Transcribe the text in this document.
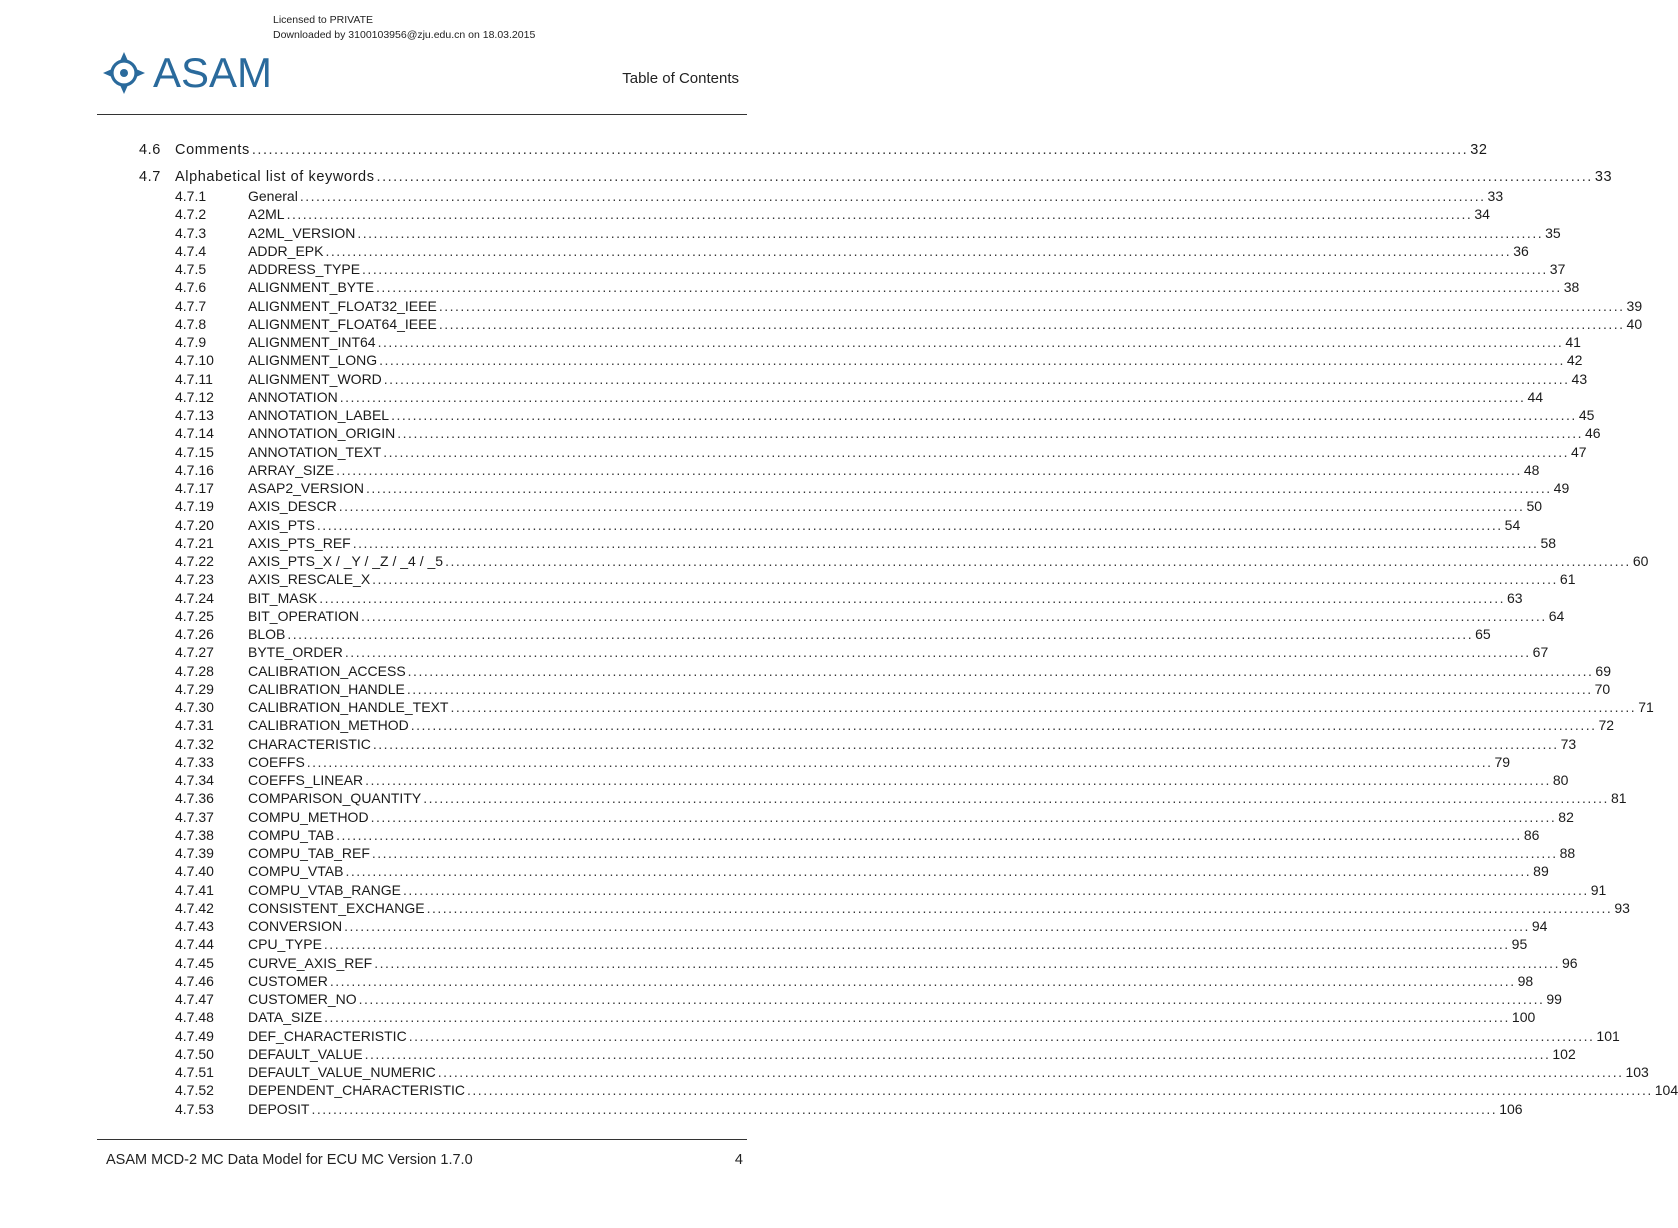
Licensed to PRIVATE
Downloaded by 3100103956@zju.edu.cn on 18.03.2015
ASAM	Table of Contents
4.6 Comments ............................................................................................................................................................................................................................ 32
4.7 Alphabetical list of keywords ............................................................................................................................................................................................................................ 33
4.7.1	General ............................................................................................................................................................................................................................ 33
4.7.2	A2ML ............................................................................................................................................................................................................................ 34
4.7.3	A2ML_VERSION ............................................................................................................................................................................................................................ 35
4.7.4	ADDR_EPK ............................................................................................................................................................................................................................ 36
4.7.5	ADDRESS_TYPE ............................................................................................................................................................................................................................ 37
4.7.6	ALIGNMENT_BYTE ............................................................................................................................................................................................................................ 38
4.7.7	ALIGNMENT_FLOAT32_IEEE ............................................................................................................................................................................................................................ 39
4.7.8	ALIGNMENT_FLOAT64_IEEE ............................................................................................................................................................................................................................ 40
4.7.9	ALIGNMENT_INT64 ............................................................................................................................................................................................................................ 41
4.7.10 ALIGNMENT_LONG ............................................................................................................................................................................................................................ 42
4.7.11	ALIGNMENT_WORD ............................................................................................................................................................................................................................ 43
4.7.12 ANNOTATION ............................................................................................................................................................................................................................ 44
4.7.13 ANNOTATION_LABEL ............................................................................................................................................................................................................................ 45
4.7.14 ANNOTATION_ORIGIN ............................................................................................................................................................................................................................ 46
4.7.15 ANNOTATION_TEXT ............................................................................................................................................................................................................................ 47
4.7.16 ARRAY_SIZE ............................................................................................................................................................................................................................ 48
4.7.17 ASAP2_VERSION ............................................................................................................................................................................................................................ 49
4.7.19 AXIS_DESCR ............................................................................................................................................................................................................................ 50
4.7.20 AXIS_PTS ............................................................................................................................................................................................................................ 54
4.7.21 AXIS_PTS_REF ............................................................................................................................................................................................................................ 58
4.7.22 AXIS_PTS_X / _Y / _Z / _4 / _5 ............................................................................................................................................................................................................................ 60
4.7.23 AXIS_RESCALE_X ............................................................................................................................................................................................................................ 61
4.7.24 BIT_MASK ............................................................................................................................................................................................................................ 63
4.7.25 BIT_OPERATION ............................................................................................................................................................................................................................ 64
4.7.26 BLOB ............................................................................................................................................................................................................................ 65
4.7.27 BYTE_ORDER ............................................................................................................................................................................................................................ 67
4.7.28 CALIBRATION_ACCESS ............................................................................................................................................................................................................................ 69
4.7.29 CALIBRATION_HANDLE ............................................................................................................................................................................................................................ 70
4.7.30 CALIBRATION_HANDLE_TEXT ............................................................................................................................................................................................................................ 71
4.7.31 CALIBRATION_METHOD ............................................................................................................................................................................................................................ 72
4.7.32 CHARACTERISTIC ............................................................................................................................................................................................................................ 73
4.7.33 COEFFS ............................................................................................................................................................................................................................ 79
4.7.34 COEFFS_LINEAR ............................................................................................................................................................................................................................ 80
4.7.36 COMPARISON_QUANTITY ............................................................................................................................................................................................................................ 81
4.7.37 COMPU_METHOD ............................................................................................................................................................................................................................ 82
4.7.38 COMPU_TAB ............................................................................................................................................................................................................................ 86
4.7.39 COMPU_TAB_REF ............................................................................................................................................................................................................................ 88
4.7.40 COMPU_VTAB ............................................................................................................................................................................................................................ 89
4.7.41 COMPU_VTAB_RANGE ............................................................................................................................................................................................................................ 91
4.7.42 CONSISTENT_EXCHANGE ............................................................................................................................................................................................................................ 93
4.7.43 CONVERSION ............................................................................................................................................................................................................................ 94
4.7.44 CPU_TYPE ............................................................................................................................................................................................................................ 95
4.7.45 CURVE_AXIS_REF ............................................................................................................................................................................................................................ 96
4.7.46 CUSTOMER ............................................................................................................................................................................................................................ 98
4.7.47 CUSTOMER_NO ............................................................................................................................................................................................................................ 99
4.7.48 DATA_SIZE ............................................................................................................................................................................................................................ 100
4.7.49 DEF_CHARACTERISTIC ............................................................................................................................................................................................................................ 101
4.7.50 DEFAULT_VALUE ............................................................................................................................................................................................................................ 102
4.7.51 DEFAULT_VALUE_NUMERIC ............................................................................................................................................................................................................................ 103
4.7.52 DEPENDENT_CHARACTERISTIC ............................................................................................................................................................................................................................ 104
4.7.53 DEPOSIT ............................................................................................................................................................................................................................ 106
ASAM MCD-2 MC Data Model for ECU MC Version 1.7.0	4
